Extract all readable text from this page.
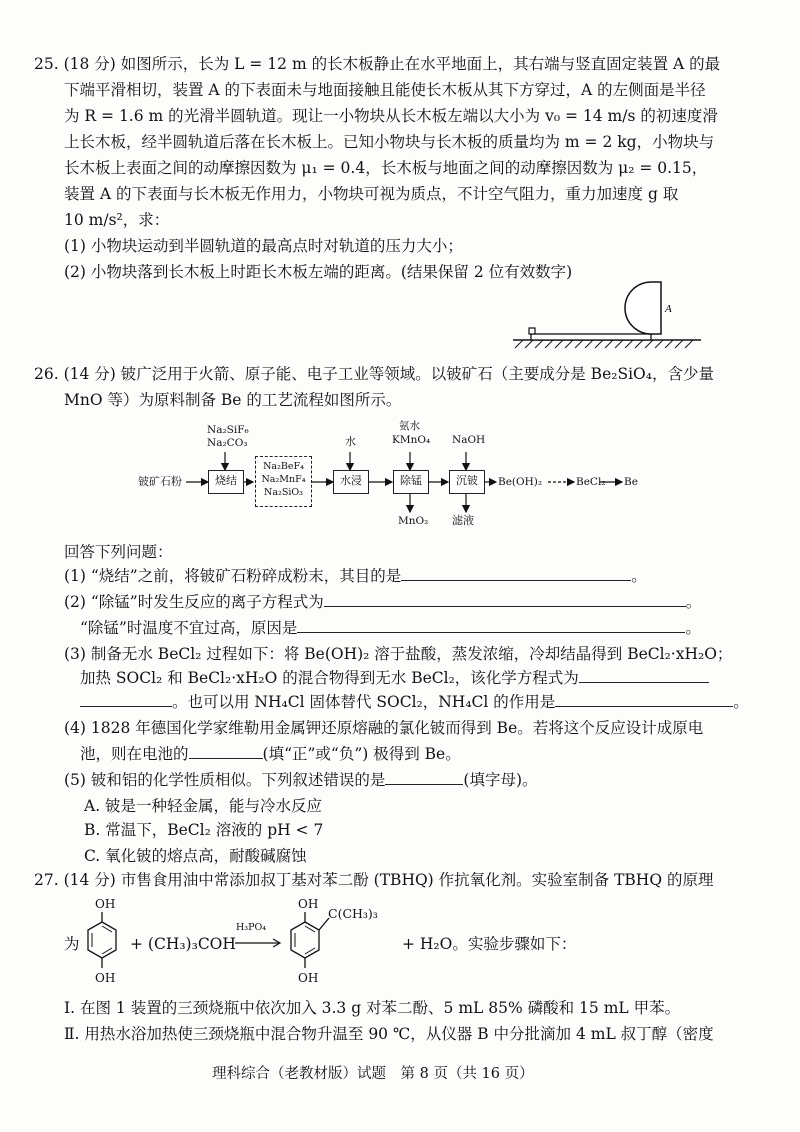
25. (18 分) 如图所示，长为 L = 12 m 的长木板静止在水平地面上，其右端与竖直固定装置 A 的最
下端平滑相切，装置 A 的下表面未与地面接触且能使长木板从其下方穿过，A 的左侧面是半径
为 R = 1.6 m 的光滑半圆轨道。现让一小物块从长木板左端以大小为 v₀ = 14 m/s 的初速度滑
上长木板，经半圆轨道后落在长木板上。已知小物块与长木板的质量均为 m = 2 kg，小物块与
长木板上表面之间的动摩擦因数为 μ₁ = 0.4，长木板与地面之间的动摩擦因数为 μ₂ = 0.15，
装置 A 的下表面与长木板无作用力，小物块可视为质点，不计空气阻力，重力加速度 g 取
10 m/s²，求：
(1) 小物块运动到半圆轨道的最高点时对轨道的压力大小；
(2) 小物块落到长木板上时距长木板左端的距离。(结果保留 2 位有效数字)
A
26. (14 分) 铍广泛用于火箭、原子能、电子工业等领域。以铍矿石（主要成分是 Be₂SiO₄，含少量
MnO 等）为原料制备 Be 的工艺流程如图所示。
铍矿石粉
Na₂SiF₆
Na₂CO₃
烧结
Na₂BeF₄
Na₂MnF₄
Na₂SiO₃
水
水浸
氨水
KMnO₄
除锰
MnO₂
NaOH
沉铍
滤液
Be(OH)₂	BeCl₂ Be
回答下列问题：
(1) “烧结”之前，将铍矿石粉碎成粉末，其目的是	。
(2) “除锰”时发生反应的离子方程式为	。
“除锰”时温度不宜过高，原因是	。
(3) 制备无水 BeCl₂ 过程如下：将 Be(OH)₂ 溶于盐酸，蒸发浓缩，冷却结晶得到 BeCl₂·xH₂O；
加热 SOCl₂ 和 BeCl₂·xH₂O 的混合物得到无水 BeCl₂，该化学方程式为
。也可以用 NH₄Cl 固体替代 SOCl₂，NH₄Cl 的作用是	。
(4) 1828 年德国化学家维勒用金属钾还原熔融的氯化铍而得到 Be。若将这个反应设计成原电
池，则在电池的	(填“正”或“负”) 极得到 Be。
(5) 铍和铝的化学性质相似。下列叙述错误的是	(填字母)。
A. 铍是一种轻金属，能与冷水反应
B. 常温下，BeCl₂ 溶液的 pH < 7
C. 氧化铍的熔点高，耐酸碱腐蚀
27. (14 分) 市售食用油中常添加叔丁基对苯二酚 (TBHQ) 作抗氧化剂。实验室制备 TBHQ 的原理
为
OH
OH
+ (CH₃)₃COH
H₃PO₄
OH
OH
C(CH₃)₃
+ H₂O。实验步骤如下：
Ⅰ. 在图 1 装置的三颈烧瓶中依次加入 3.3 g 对苯二酚、5 mL 85% 磷酸和 15 mL 甲苯。
Ⅱ. 用热水浴加热使三颈烧瓶中混合物升温至 90 ℃，从仪器 B 中分批滴加 4 mL 叔丁醇（密度
理科综合（老教材版）试题　第 8 页（共 16 页）
